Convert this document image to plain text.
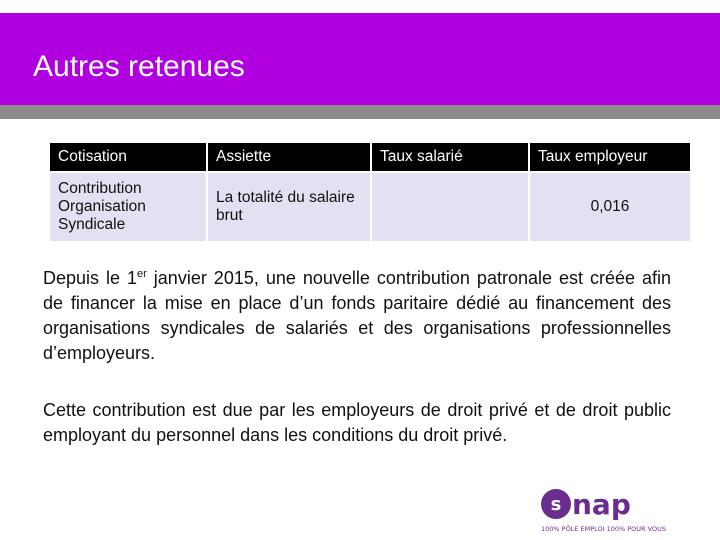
Autres retenues
Cotisation	Assiette	Taux salarié	Taux employeur
Contribution Organisation Syndicale	La totalité du salaire brut		0,016
Depuis le 1er janvier 2015, une nouvelle contribution patronale est créée afin de financer la mise en place d’un fonds paritaire dédié au financement des organisations syndicales de salariés et des organisations professionnelles d’employeurs.
Cette contribution est due par les employeurs de droit privé et de droit public employant du personnel dans les conditions du droit privé.
s nap
100% PÔLE EMPLOI 100% POUR VOUS
